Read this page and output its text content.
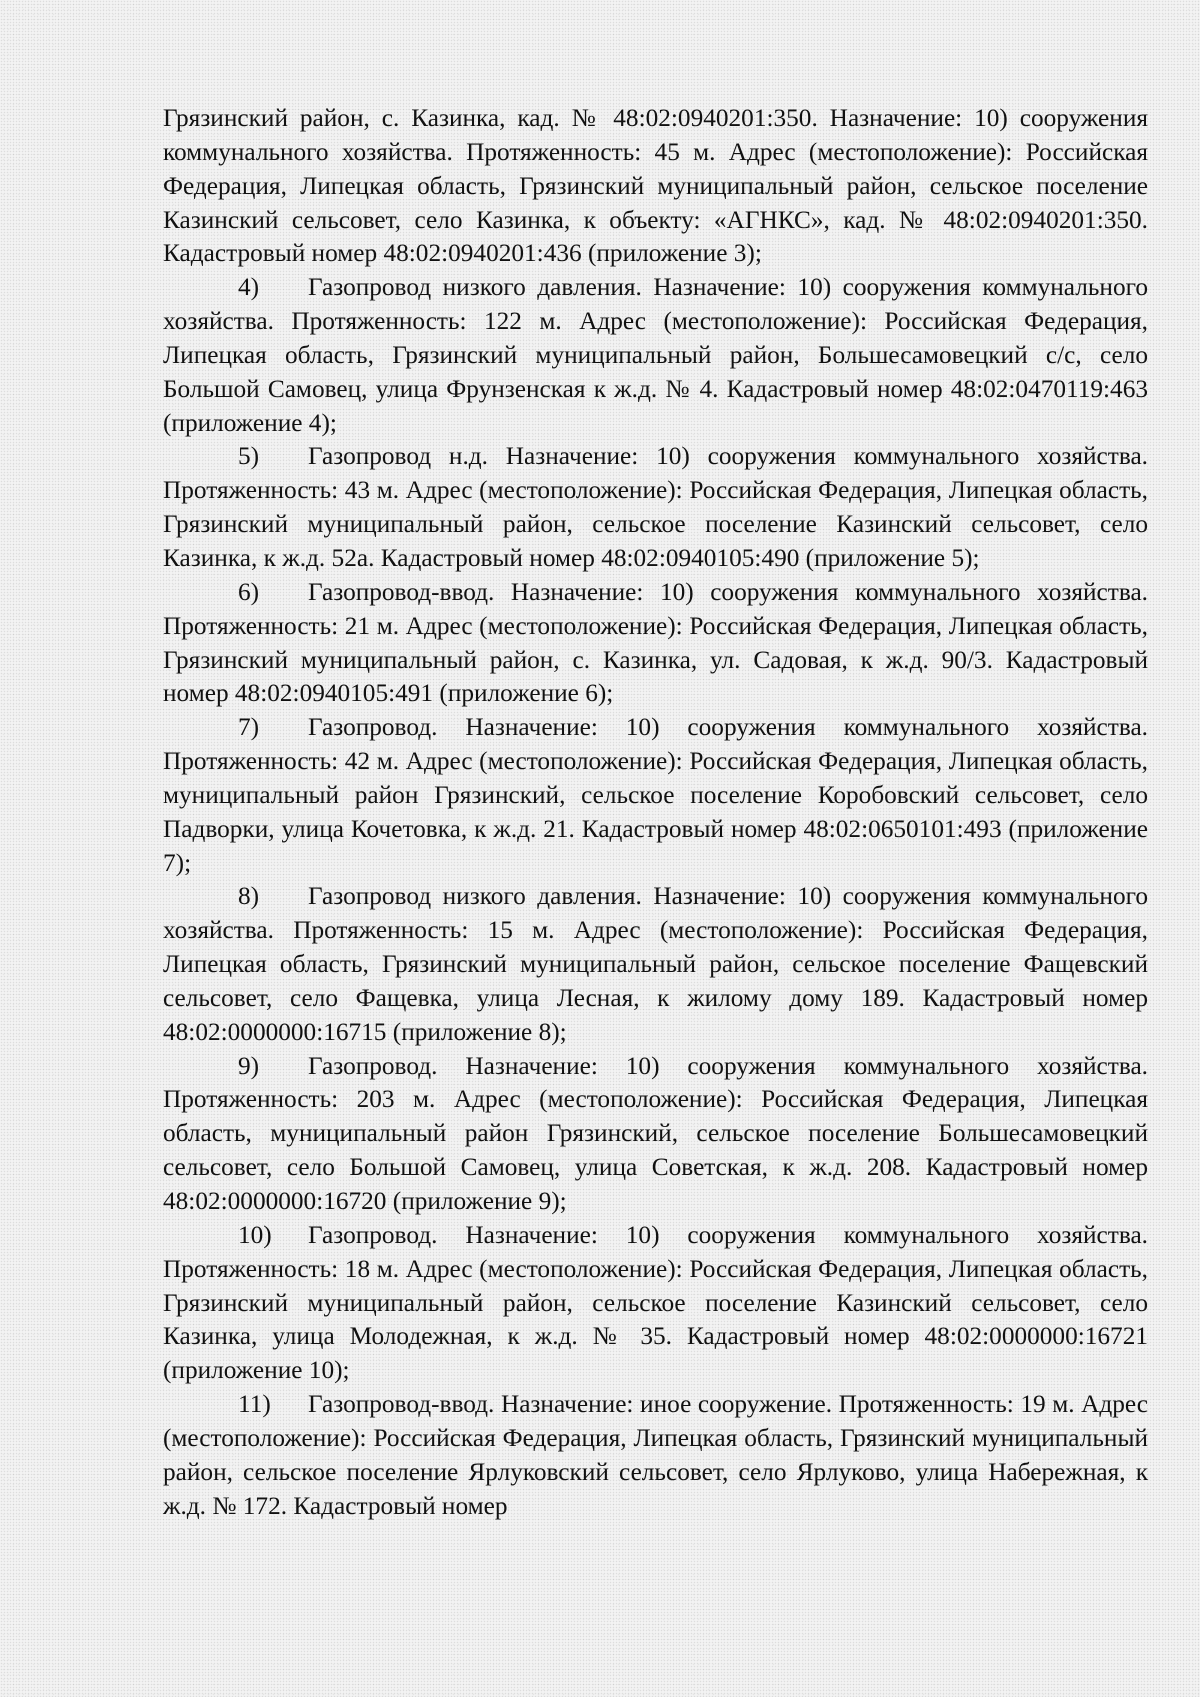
Грязинский район, с. Казинка, кад. № 48:02:0940201:350. Назначение: 10) сооружения коммунального хозяйства. Протяженность: 45 м. Адрес (местоположение): Российская Федерация, Липецкая область, Грязинский муниципальный район, сельское поселение Казинский сельсовет, село Казинка, к объекту: «АГНКС», кад. № 48:02:0940201:350. Кадастровый номер 48:02:0940201:436 (приложение 3);

4) Газопровод низкого давления. Назначение: 10) сооружения коммунального хозяйства. Протяженность: 122 м. Адрес (местоположение): Российская Федерация, Липецкая область, Грязинский муниципальный район, Большесамовецкий с/с, село Большой Самовец, улица Фрунзенская к ж.д. № 4. Кадастровый номер 48:02:0470119:463 (приложение 4);

5) Газопровод н.д. Назначение: 10) сооружения коммунального хозяйства. Протяженность: 43 м. Адрес (местоположение): Российская Федерация, Липецкая область, Грязинский муниципальный район, сельское поселение Казинский сельсовет, село Казинка, к ж.д. 52а. Кадастровый номер 48:02:0940105:490 (приложение 5);

6) Газопровод-ввод. Назначение: 10) сооружения коммунального хозяйства. Протяженность: 21 м. Адрес (местоположение): Российская Федерация, Липецкая область, Грязинский муниципальный район, с. Казинка, ул. Садовая, к ж.д. 90/3. Кадастровый номер 48:02:0940105:491 (приложение 6);

7) Газопровод. Назначение: 10) сооружения коммунального хозяйства. Протяженность: 42 м. Адрес (местоположение): Российская Федерация, Липецкая область, муниципальный район Грязинский, сельское поселение Коробовский сельсовет, село Падворки, улица Кочетовка, к ж.д. 21. Кадастровый номер 48:02:0650101:493 (приложение 7);

8) Газопровод низкого давления. Назначение: 10) сооружения коммунального хозяйства. Протяженность: 15 м. Адрес (местоположение): Российская Федерация, Липецкая область, Грязинский муниципальный район, сельское поселение Фащевский сельсовет, село Фащевка, улица Лесная, к жилому дому 189. Кадастровый номер 48:02:0000000:16715 (приложение 8);

9) Газопровод. Назначение: 10) сооружения коммунального хозяйства. Протяженность: 203 м. Адрес (местоположение): Российская Федерация, Липецкая область, муниципальный район Грязинский, сельское поселение Большесамовецкий сельсовет, село Большой Самовец, улица Советская, к ж.д. 208. Кадастровый номер 48:02:0000000:16720 (приложение 9);

10) Газопровод. Назначение: 10) сооружения коммунального хозяйства. Протяженность: 18 м. Адрес (местоположение): Российская Федерация, Липецкая область, Грязинский муниципальный район, сельское поселение Казинский сельсовет, село Казинка, улица Молодежная, к ж.д. № 35. Кадастровый номер 48:02:0000000:16721 (приложение 10);

11) Газопровод-ввод. Назначение: иное сооружение. Протяженность: 19 м. Адрес (местоположение): Российская Федерация, Липецкая область, Грязинский муниципальный район, сельское поселение Ярлуковский сельсовет, село Ярлуково, улица Набережная, к ж.д. № 172. Кадастровый номер
